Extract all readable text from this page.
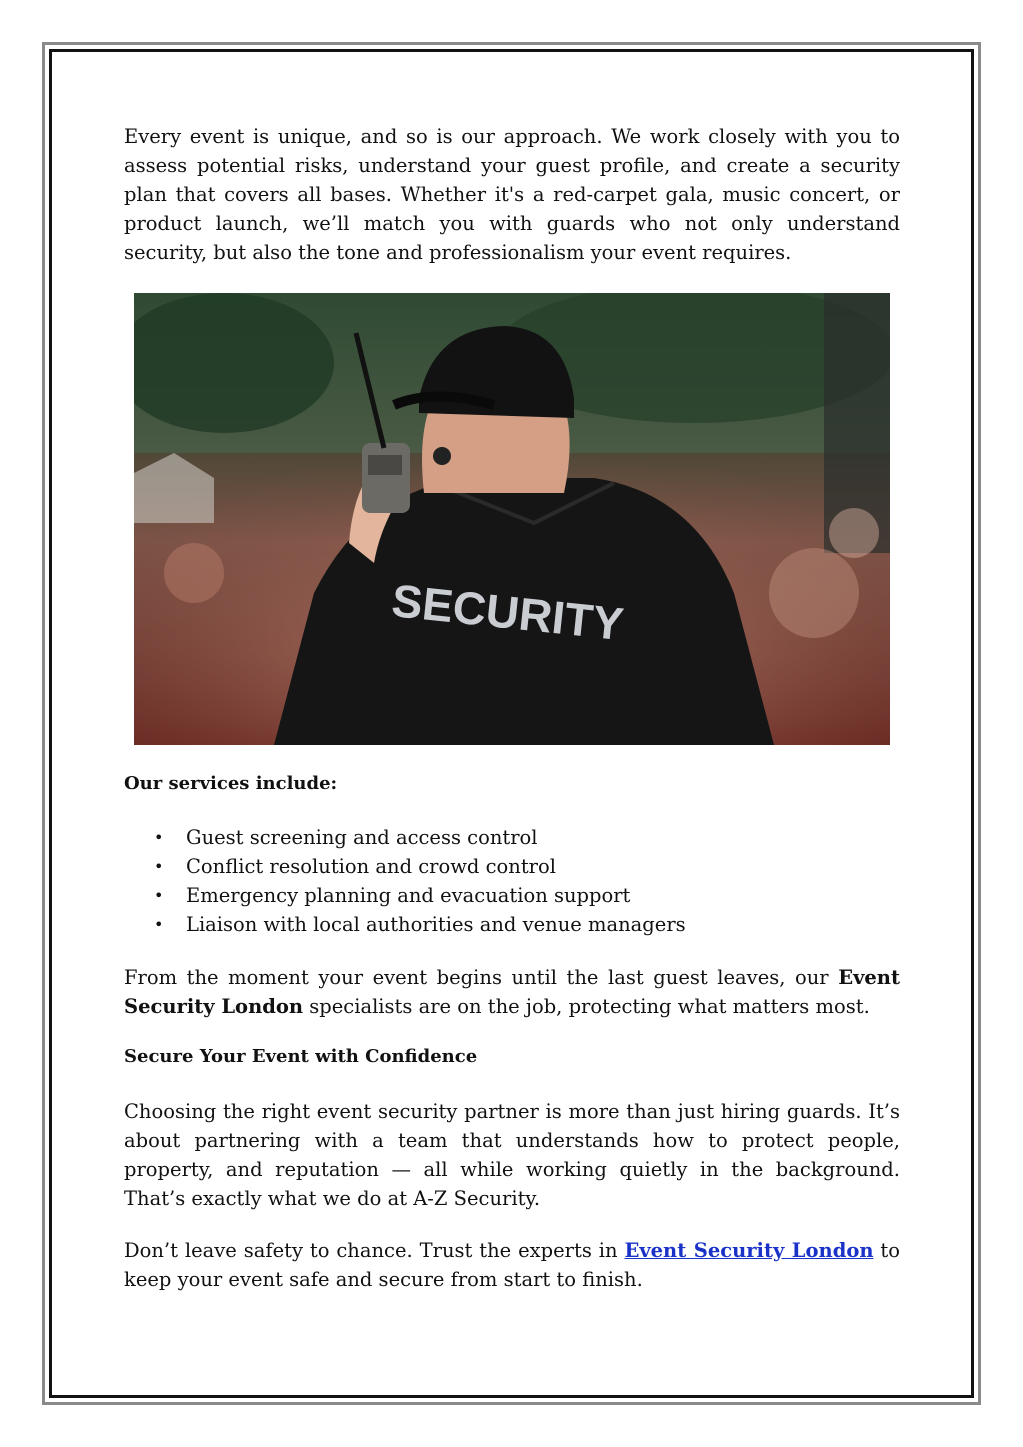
Every event is unique, and so is our approach. We work closely with you to assess potential risks, understand your guest profile, and create a security plan that covers all bases. Whether it's a red-carpet gala, music concert, or product launch, we’ll match you with guards who not only understand security, but also the tone and professionalism your event requires.

SECURITY
Our services include:
• Guest screening and access control
• Conflict resolution and crowd control
• Emergency planning and evacuation support
• Liaison with local authorities and venue managers

From the moment your event begins until the last guest leaves, our Event Security London specialists are on the job, protecting what matters most.

Secure Your Event with Confidence

Choosing the right event security partner is more than just hiring guards. It’s about partnering with a team that understands how to protect people, property, and reputation — all while working quietly in the background. That’s exactly what we do at A-Z Security.

Don’t leave safety to chance. Trust the experts in Event Security London to keep your event safe and secure from start to finish.
